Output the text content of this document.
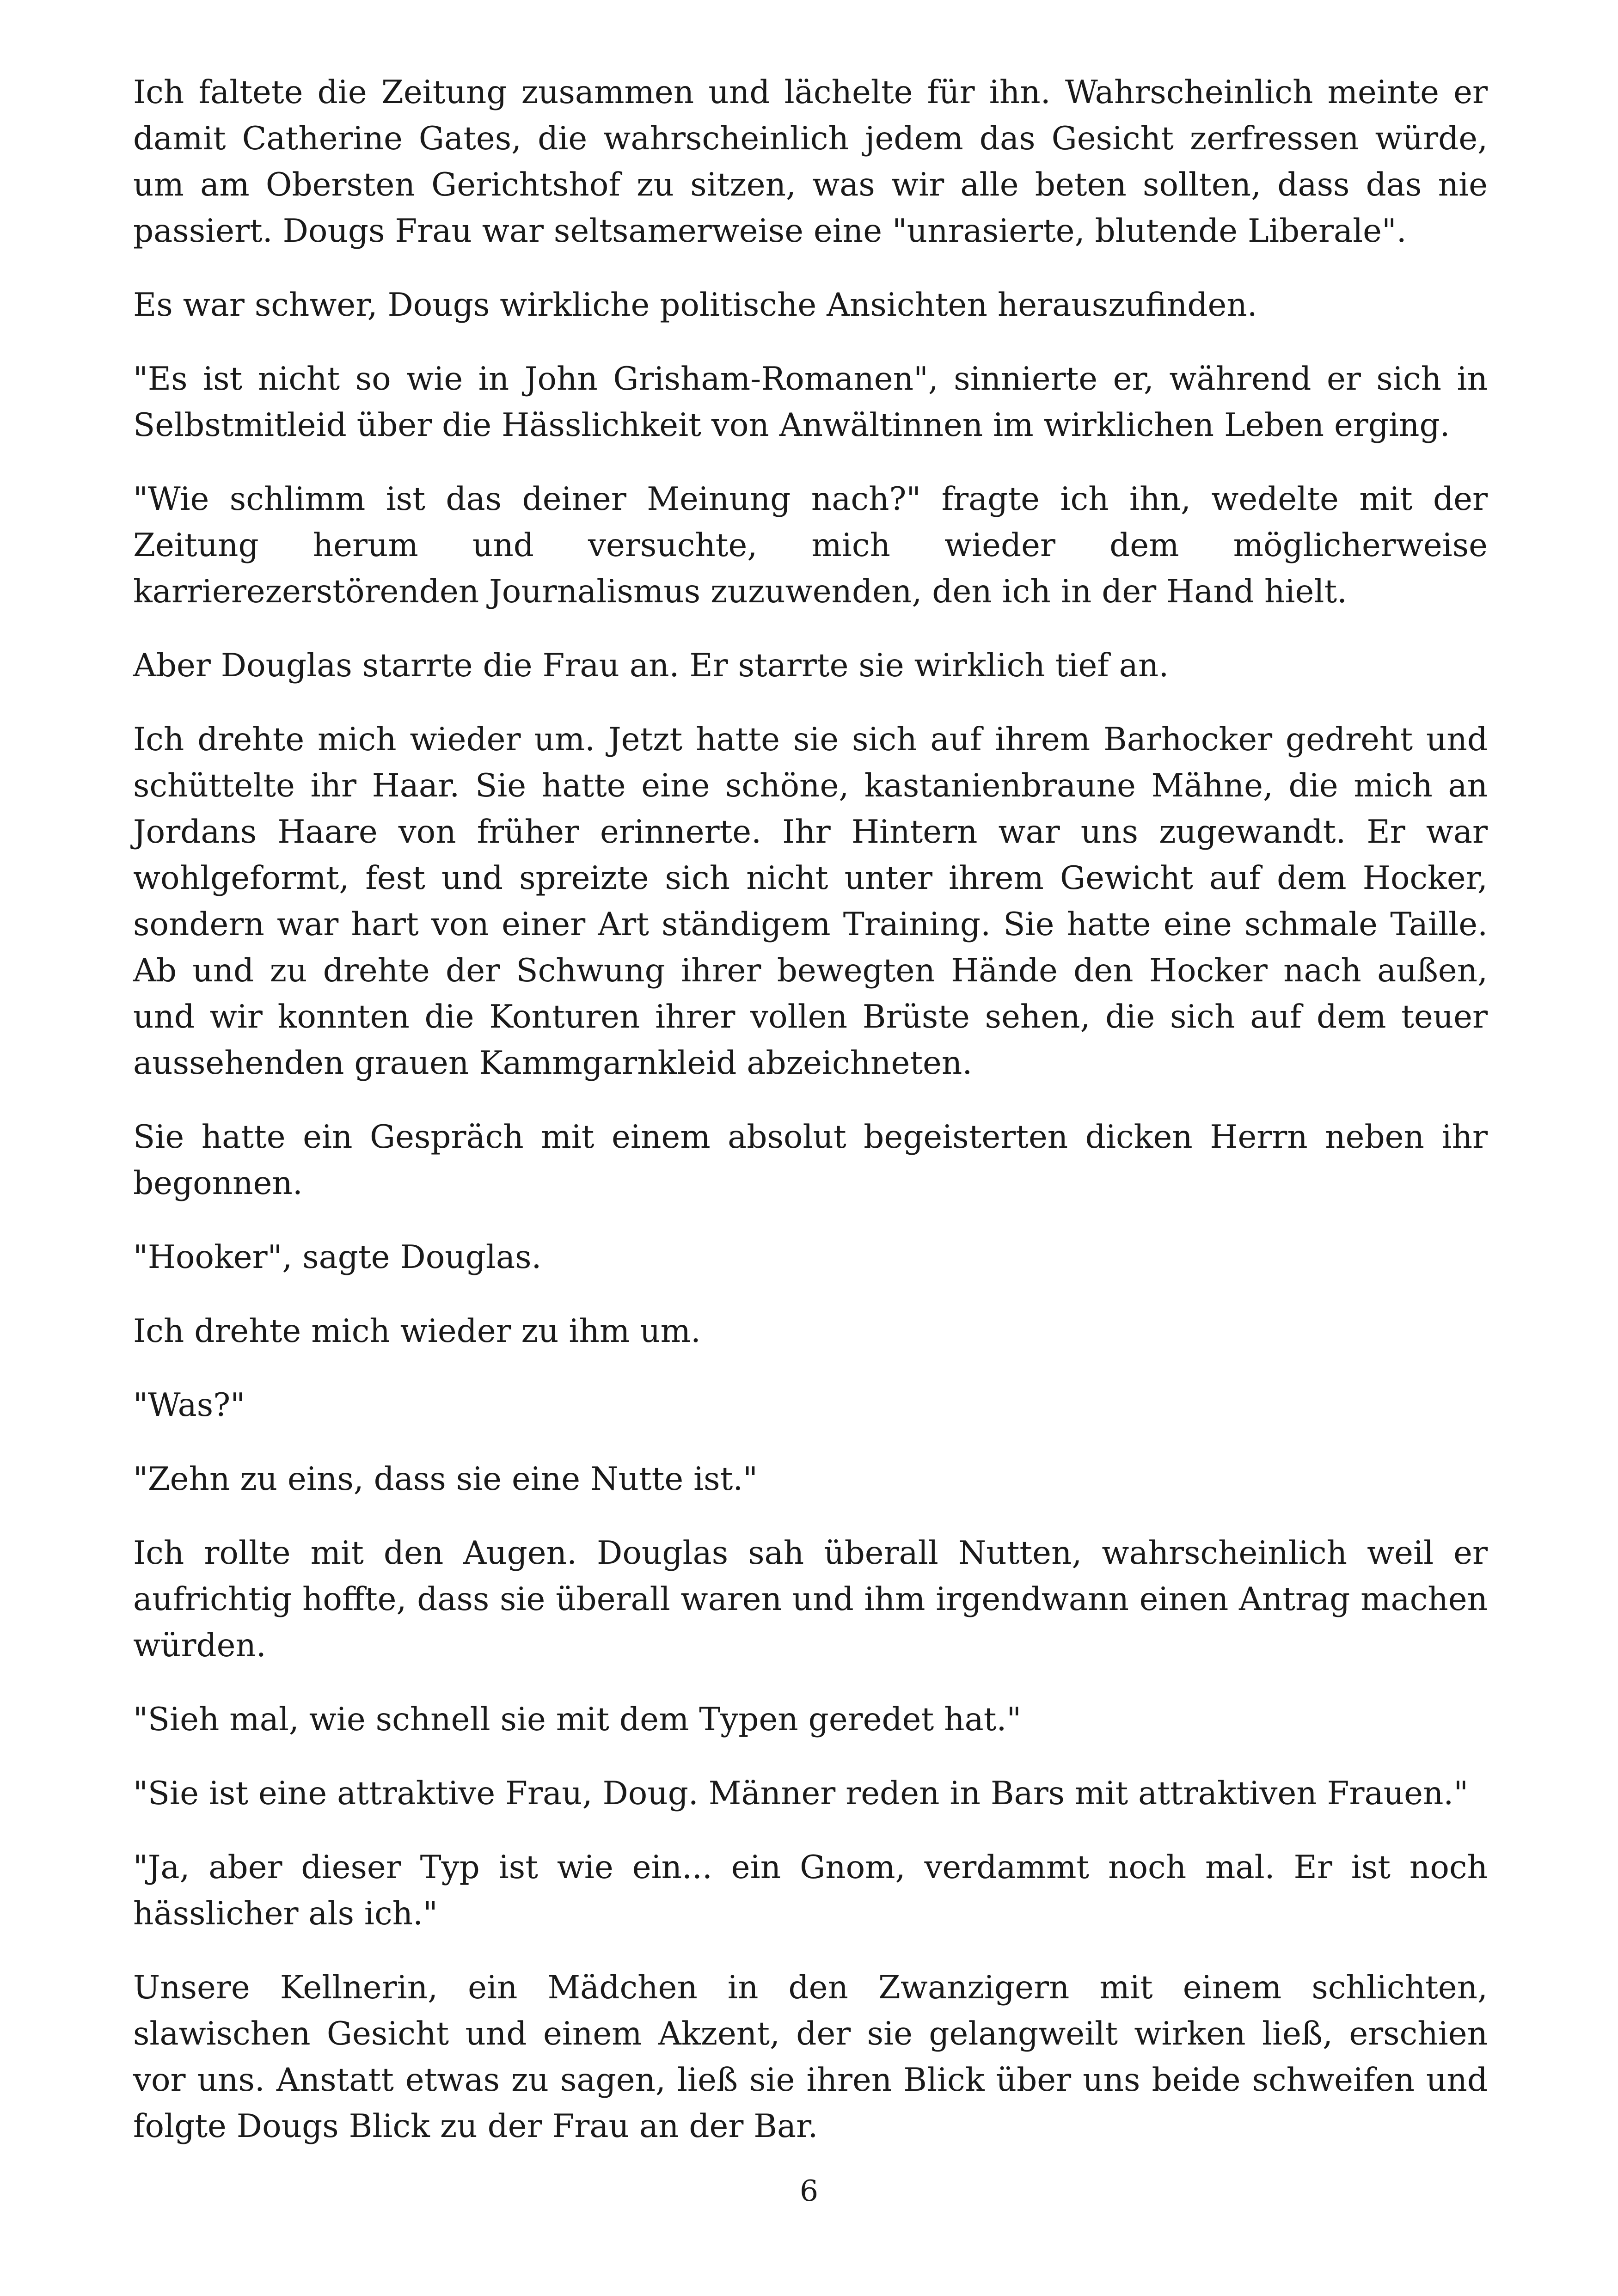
Ich faltete die Zeitung zusammen und lächelte für ihn. Wahrscheinlich meinte er damit Catherine Gates, die wahrscheinlich jedem das Gesicht zerfressen würde, um am Obersten Gerichtshof zu sitzen, was wir alle beten sollten, dass das nie passiert. Dougs Frau war seltsamerweise eine "unrasierte, blutende Liberale".

Es war schwer, Dougs wirkliche politische Ansichten herauszufinden.

"Es ist nicht so wie in John Grisham-Romanen", sinnierte er, während er sich in Selbstmitleid über die Hässlichkeit von Anwältinnen im wirklichen Leben erging.

"Wie schlimm ist das deiner Meinung nach?" fragte ich ihn, wedelte mit der Zeitung herum und versuchte, mich wieder dem möglicherweise karrierezerstörenden Journalismus zuzuwenden, den ich in der Hand hielt.

Aber Douglas starrte die Frau an. Er starrte sie wirklich tief an.

Ich drehte mich wieder um. Jetzt hatte sie sich auf ihrem Barhocker gedreht und schüttelte ihr Haar. Sie hatte eine schöne, kastanienbraune Mähne, die mich an Jordans Haare von früher erinnerte. Ihr Hintern war uns zugewandt. Er war wohlgeformt, fest und spreizte sich nicht unter ihrem Gewicht auf dem Hocker, sondern war hart von einer Art ständigem Training. Sie hatte eine schmale Taille. Ab und zu drehte der Schwung ihrer bewegten Hände den Hocker nach außen, und wir konnten die Konturen ihrer vollen Brüste sehen, die sich auf dem teuer aussehenden grauen Kammgarnkleid abzeichneten.

Sie hatte ein Gespräch mit einem absolut begeisterten dicken Herrn neben ihr begonnen.

"Hooker", sagte Douglas.

Ich drehte mich wieder zu ihm um.

"Was?"

"Zehn zu eins, dass sie eine Nutte ist."

Ich rollte mit den Augen. Douglas sah überall Nutten, wahrscheinlich weil er aufrichtig hoffte, dass sie überall waren und ihm irgendwann einen Antrag machen würden.

"Sieh mal, wie schnell sie mit dem Typen geredet hat."

"Sie ist eine attraktive Frau, Doug. Männer reden in Bars mit attraktiven Frauen."

"Ja, aber dieser Typ ist wie ein... ein Gnom, verdammt noch mal. Er ist noch hässlicher als ich."

Unsere Kellnerin, ein Mädchen in den Zwanzigern mit einem schlichten, slawischen Gesicht und einem Akzent, der sie gelangweilt wirken ließ, erschien vor uns. Anstatt etwas zu sagen, ließ sie ihren Blick über uns beide schweifen und folgte Dougs Blick zu der Frau an der Bar.

6
